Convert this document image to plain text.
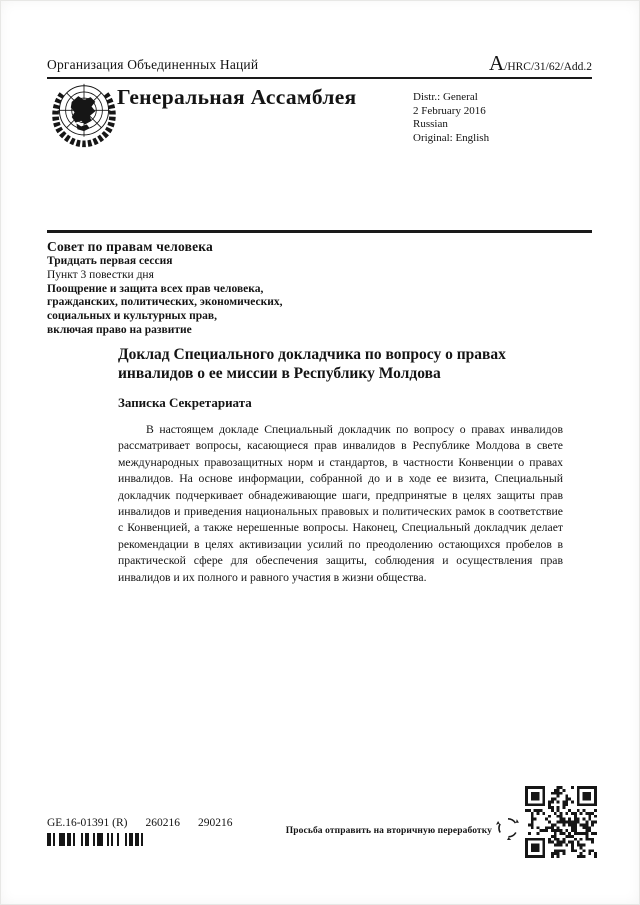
Организация Объединенных Наций	A/HRC/31/62/Add.2
Генеральная Ассамблея	Distr.: General
2 February 2016
Russian
Original: English
Совет по правам человека
Тридцать первая сессия
Пункт 3 повестки дня
Поощрение и защита всех прав человека,
гражданских, политических, экономических,
социальных и культурных прав,
включая право на развитие
Доклад Специального докладчика по вопросу о правах инвалидов о ее миссии в Республику Молдова
Записка Секретариата
В настоящем докладе Специальный докладчик по вопросу о правах инвалидов рассматривает вопросы, касающиеся прав инвалидов в Республике Молдова в свете международных правозащитных норм и стандартов, в частности Конвенции о правах инвалидов. На основе информации, собранной до и в ходе ее визита, Специальный докладчик подчеркивает обнадеживающие шаги, предпринятые в целях защиты прав инвалидов и приведения национальных правовых и политических рамок в соответствие с Конвенцией, а также нерешенные вопросы. Наконец, Специальный докладчик делает рекомендации в целях активизации усилий по преодолению остающихся пробелов в практической сфере для обеспечения защиты, соблюдения и осуществления прав инвалидов и их полного и равного участия в жизни общества.
GE.16-01391 (R) 260216 290216
Просьба отправить на вторичную переработку
